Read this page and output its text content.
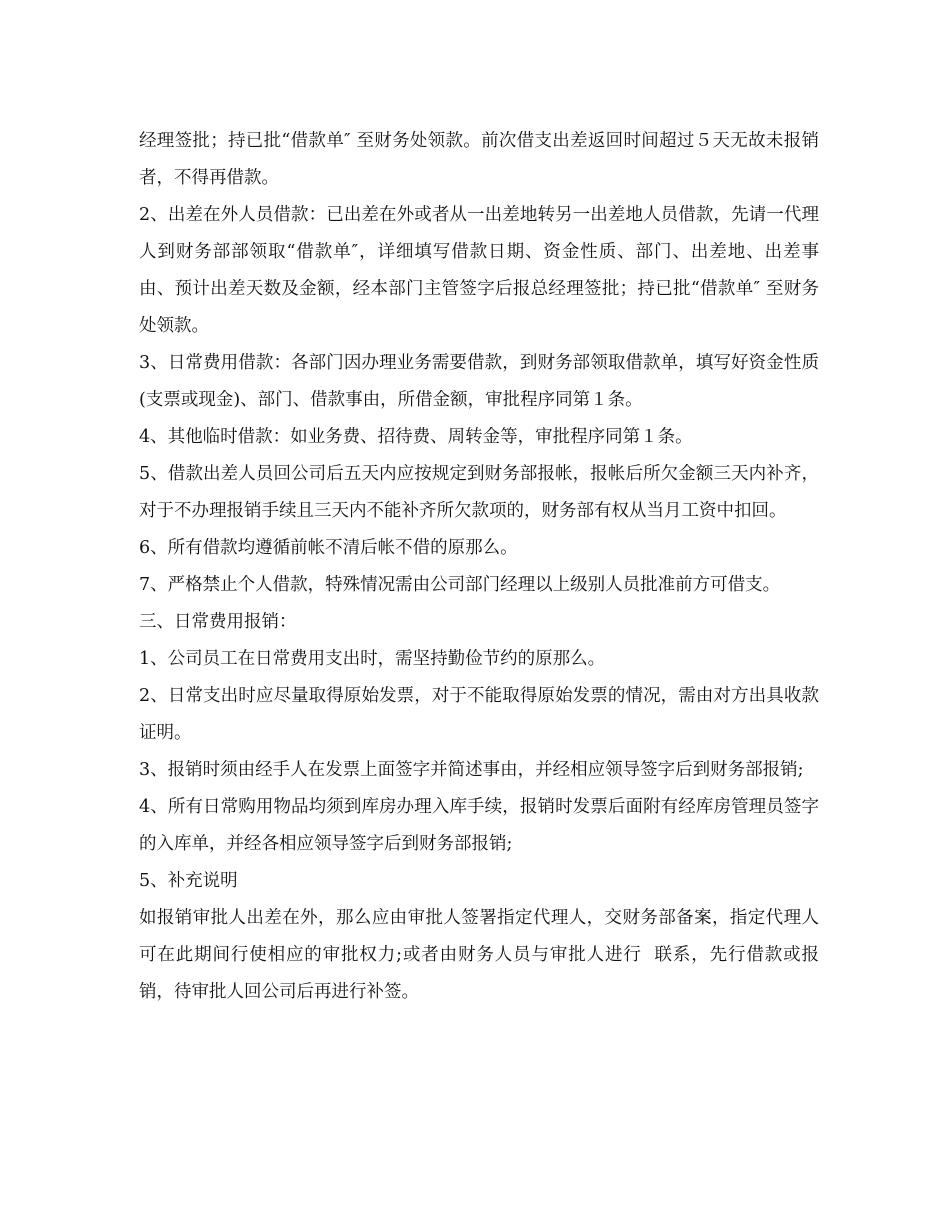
经理签批；持已批“借款单″ 至财务处领款。前次借支出差返回时间超过５天无故未报销者，不得再借款。

2、出差在外人员借款：已出差在外或者从一出差地转另一出差地人员借款，先请一代理人到财务部部领取“借款单″，详细填写借款日期、资金性质、部门、出差地、出差事由、预计出差天数及金额，经本部门主管签字后报总经理签批；持已批“借款单″ 至财务处领款。

3、日常费用借款：各部门因办理业务需要借款，到财务部领取借款单，填写好资金性质(支票或现金)、部门、借款事由，所借金额，审批程序同第１条。

4、其他临时借款：如业务费、招待费、周转金等，审批程序同第１条。

5、借款出差人员回公司后五天内应按规定到财务部报帐，报帐后所欠金额三天内补齐，对于不办理报销手续且三天内不能补齐所欠款项的，财务部有权从当月工资中扣回。

6、所有借款均遵循前帐不清后帐不借的原那么。

7、严格禁止个人借款，特殊情况需由公司部门经理以上级别人员批准前方可借支。

三、日常费用报销：

1、公司员工在日常费用支出时，需坚持勤俭节约的原那么。

2、日常支出时应尽量取得原始发票，对于不能取得原始发票的情况，需由对方出具收款证明。

3、报销时须由经手人在发票上面签字并简述事由，并经相应领导签字后到财务部报销;

4、所有日常购用物品均须到库房办理入库手续，报销时发票后面附有经库房管理员签字的入库单，并经各相应领导签字后到财务部报销;

5、补充说明

如报销审批人出差在外，那么应由审批人签署指定代理人，交财务部备案，指定代理人可在此期间行使相应的审批权力;或者由财务人员与审批人进行  联系，先行借款或报销，待审批人回公司后再进行补签。
